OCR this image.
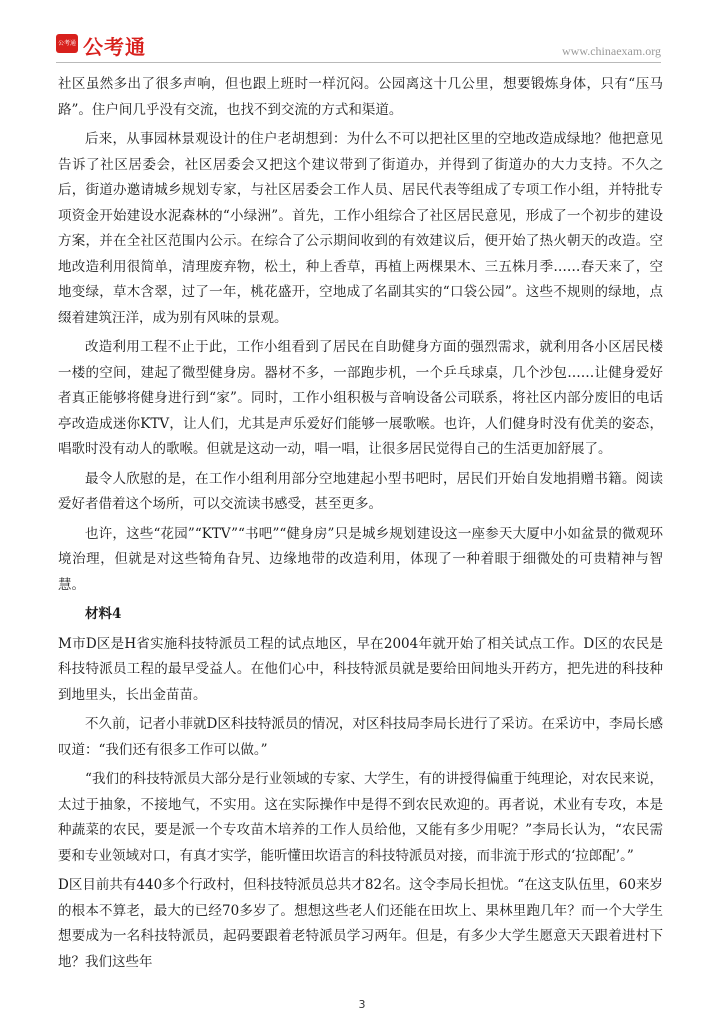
公考通 公考通	www.chinaexam.org

社区虽然多出了很多声响，但也跟上班时一样沉闷。公园离这十几公里，想要锻炼身体，只有“压马路”。住户间几乎没有交流，也找不到交流的方式和渠道。

后来，从事园林景观设计的住户老胡想到：为什么不可以把社区里的空地改造成绿地？他把意见告诉了社区居委会，社区居委会又把这个建议带到了街道办，并得到了街道办的大力支持。不久之后，街道办邀请城乡规划专家，与社区居委会工作人员、居民代表等组成了专项工作小组，并特批专项资金开始建设水泥森林的“小绿洲”。首先，工作小组综合了社区居民意见，形成了一个初步的建设方案，并在全社区范围内公示。在综合了公示期间收到的有效建议后，便开始了热火朝天的改造。空地改造利用很简单，清理废弃物，松土，种上香草，再植上两棵果木、三五株月季……春天来了，空地变绿，草木含翠，过了一年，桃花盛开，空地成了名副其实的“口袋公园”。这些不规则的绿地，点缀着建筑汪洋，成为别有风味的景观。

改造利用工程不止于此，工作小组看到了居民在自助健身方面的强烈需求，就利用各小区居民楼一楼的空间，建起了微型健身房。器材不多，一部跑步机，一个乒乓球桌，几个沙包……让健身爱好者真正能够将健身进行到“家”。同时，工作小组积极与音响设备公司联系，将社区内部分废旧的电话亭改造成迷你KTV，让人们，尤其是声乐爱好们能够一展歌喉。也许，人们健身时没有优美的姿态，唱歌时没有动人的歌喉。但就是这动一动，唱一唱，让很多居民觉得自己的生活更加舒展了。

最令人欣慰的是，在工作小组利用部分空地建起小型书吧时，居民们开始自发地捐赠书籍。阅读爱好者借着这个场所，可以交流读书感受，甚至更多。

也许，这些“花园”“KTV”“书吧”“健身房”只是城乡规划建设这一座参天大厦中小如盆景的微观环境治理，但就是对这些犄角旮旯、边缘地带的改造利用，体现了一种着眼于细微处的可贵精神与智慧。

材料4

M市D区是H省实施科技特派员工程的试点地区，早在2004年就开始了相关试点工作。D区的农民是科技特派员工程的最早受益人。在他们心中，科技特派员就是要给田间地头开药方，把先进的科技种到地里头，长出金苗苗。

不久前，记者小菲就D区科技特派员的情况，对区科技局李局长进行了采访。在采访中，李局长感叹道：“我们还有很多工作可以做。”

“我们的科技特派员大部分是行业领域的专家、大学生，有的讲授得偏重于纯理论，对农民来说，太过于抽象，不接地气，不实用。这在实际操作中是得不到农民欢迎的。再者说，术业有专攻，本是种蔬菜的农民，要是派一个专攻苗木培养的工作人员给他，又能有多少用呢？”李局长认为，“农民需要和专业领域对口，有真才实学，能听懂田坎语言的科技特派员对接，而非流于形式的‘拉郎配’。”

D区目前共有440多个行政村，但科技特派员总共才82名。这令李局长担忧。“在这支队伍里，60来岁的根本不算老，最大的已经70多岁了。想想这些老人们还能在田坎上、果林里跑几年？而一个大学生想要成为一名科技特派员，起码要跟着老特派员学习两年。但是，有多少大学生愿意天天跟着进村下地？我们这些年

3
